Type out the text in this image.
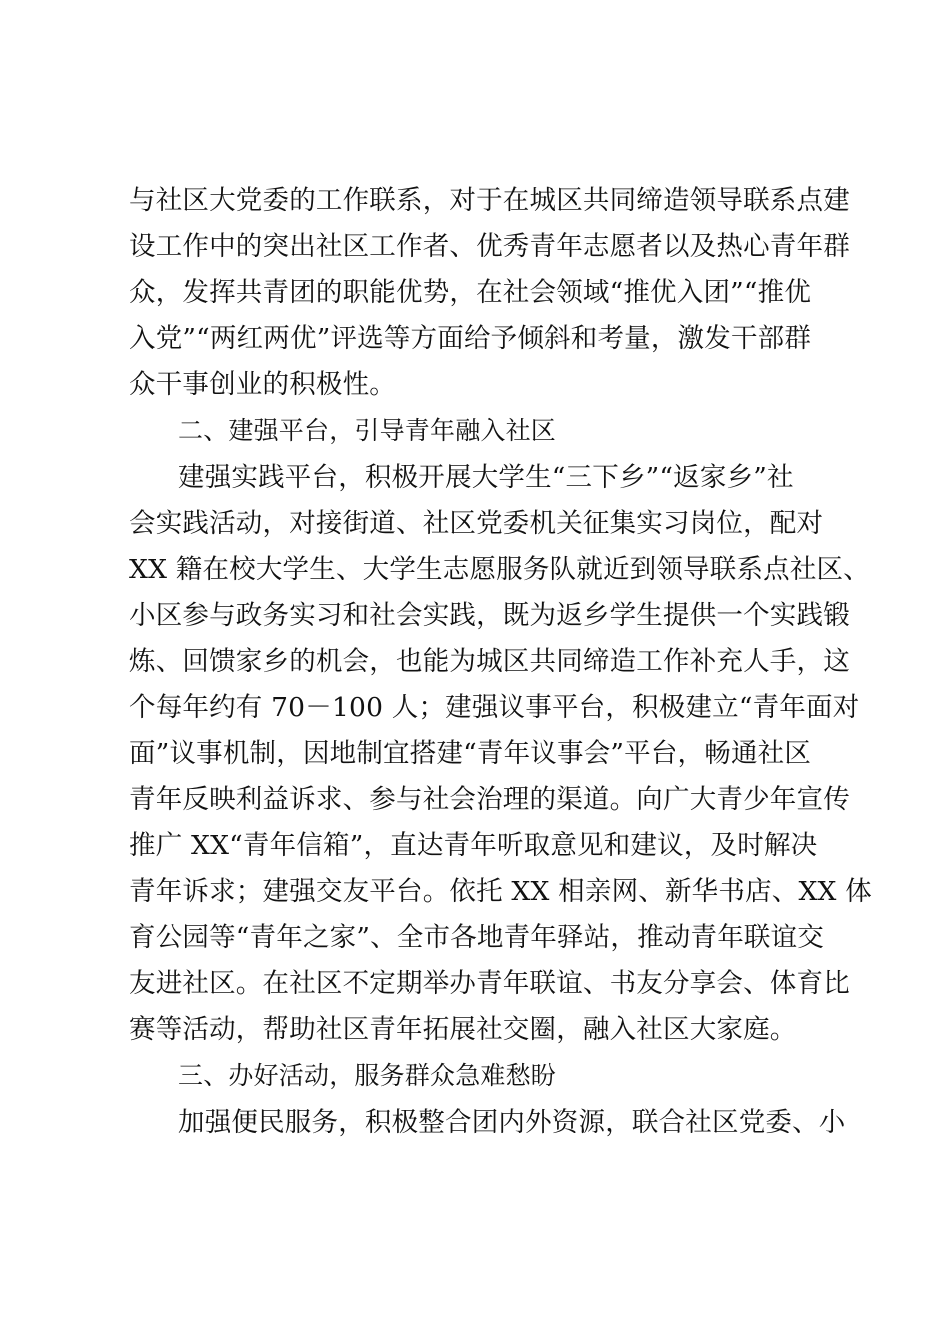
与社区大党委的工作联系，对于在城区共同缔造领导联系点建
设工作中的突出社区工作者、优秀青年志愿者以及热心青年群
众，发挥共青团的职能优势，在社会领域“推优入团”“推优
入党”“两红两优”评选等方面给予倾斜和考量，激发干部群
众干事创业的积极性。
二、建强平台，引导青年融入社区
建强实践平台，积极开展大学生“三下乡”“返家乡”社
会实践活动，对接街道、社区党委机关征集实习岗位，配对
XX 籍在校大学生、大学生志愿服务队就近到领导联系点社区、
小区参与政务实习和社会实践，既为返乡学生提供一个实践锻
炼、回馈家乡的机会，也能为城区共同缔造工作补充人手，这
个每年约有 70－100 人；建强议事平台，积极建立“青年面对
面”议事机制，因地制宜搭建“青年议事会”平台，畅通社区
青年反映利益诉求、参与社会治理的渠道。向广大青少年宣传
推广 XX“青年信箱”，直达青年听取意见和建议，及时解决
青年诉求；建强交友平台。依托 XX 相亲网、新华书店、XX 体
育公园等“青年之家”、全市各地青年驿站，推动青年联谊交
友进社区。在社区不定期举办青年联谊、书友分享会、体育比
赛等活动，帮助社区青年拓展社交圈，融入社区大家庭。
三、办好活动，服务群众急难愁盼
加强便民服务，积极整合团内外资源，联合社区党委、小
